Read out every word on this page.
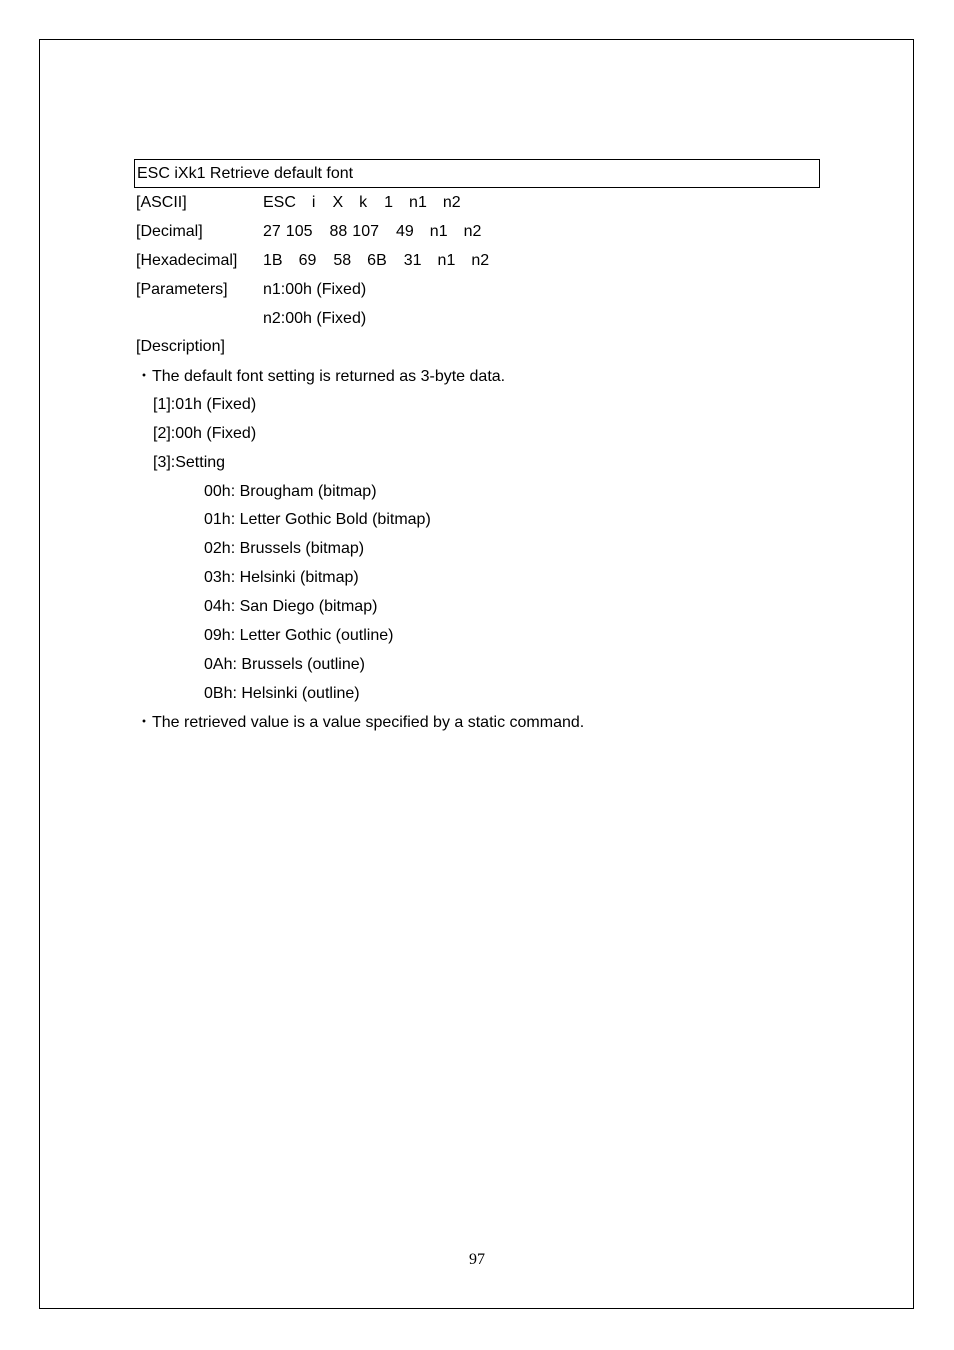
ESC iXk1 Retrieve default font
[ASCII]	ESC i X k 1 n1 n2
[Decimal]	27 105 88 107 49 n1 n2
[Hexadecimal] 1B 69 58 6B 31 n1 n2
[Parameters] n1:00h (Fixed)
n2:00h (Fixed)
[Description]
・The default font setting is returned as 3-byte data.
[1]:01h (Fixed)
[2]:00h (Fixed)
[3]:Setting
00h: Brougham (bitmap)
01h: Letter Gothic Bold (bitmap)
02h: Brussels (bitmap)
03h: Helsinki (bitmap)
04h: San Diego (bitmap)
09h: Letter Gothic (outline)
0Ah: Brussels (outline)
0Bh: Helsinki (outline)
・The retrieved value is a value specified by a static command.
97
